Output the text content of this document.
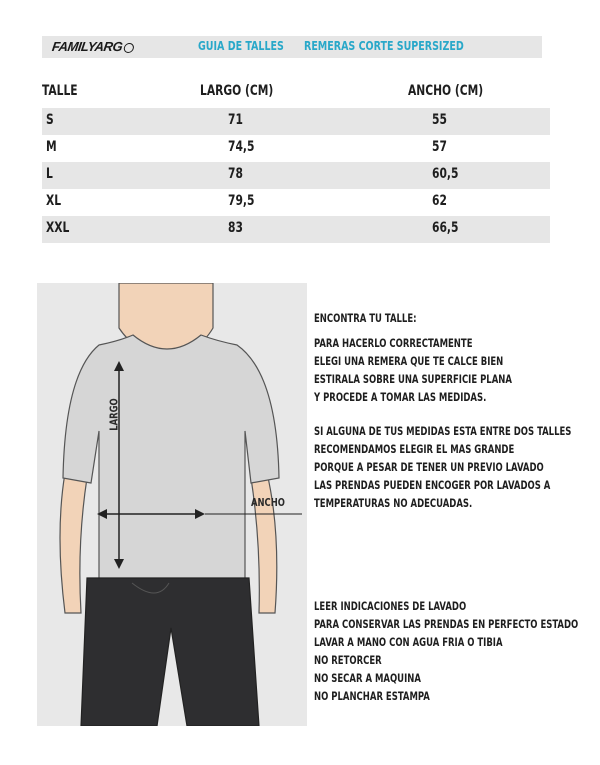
FAMILYARG	GUIA DE TALLES REMERAS CORTE SUPERSIZED
TALLE	LARGO (CM)	ANCHO (CM)
S	71	55
M	74,5	57
L	78	60,5
XL	79,5	62
XXL	83	66,5
LARGO
ANCHO
ENCONTRA TU TALLE:
PARA HACERLO CORRECTAMENTE
ELEGI UNA REMERA QUE TE CALCE BIEN
ESTIRALA SOBRE UNA SUPERFICIE PLANA
Y PROCEDE A TOMAR LAS MEDIDAS.
SI ALGUNA DE TUS MEDIDAS ESTA ENTRE DOS TALLES
RECOMENDAMOS ELEGIR EL MAS GRANDE
PORQUE A PESAR DE TENER UN PREVIO LAVADO
LAS PRENDAS PUEDEN ENCOGER POR LAVADOS A
TEMPERATURAS NO ADECUADAS.
LEER INDICACIONES DE LAVADO
PARA CONSERVAR LAS PRENDAS EN PERFECTO ESTADO
LAVAR A MANO CON AGUA FRIA O TIBIA
NO RETORCER
NO SECAR A MAQUINA
NO PLANCHAR ESTAMPA
